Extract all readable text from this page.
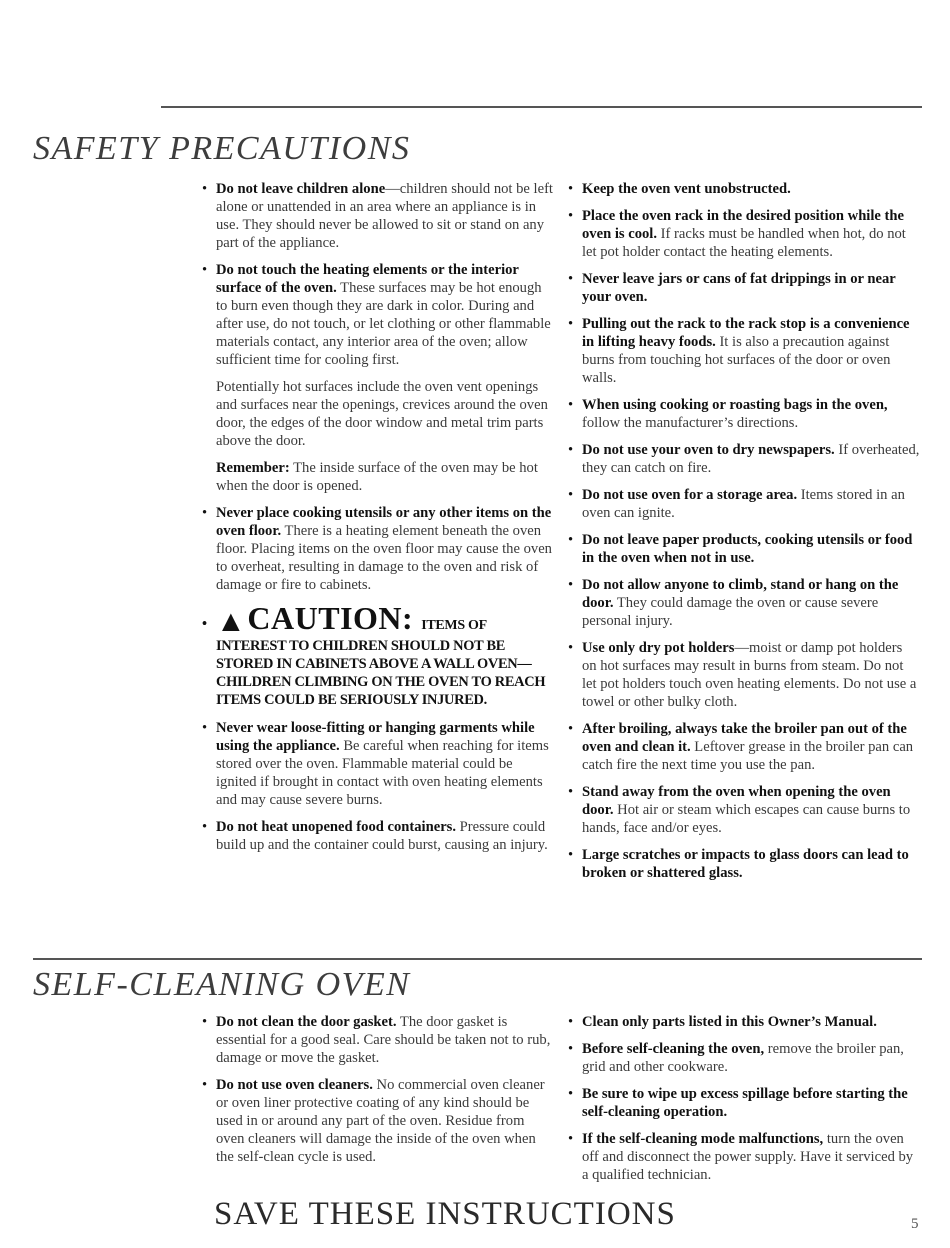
SAFETY PRECAUTIONS

• Do not leave children alone—children should not be left alone or unattended in an area where an appliance is in use. They should never be allowed to sit or stand on any part of the appliance.

• Do not touch the heating elements or the interior surface of the oven. These surfaces may be hot enough to burn even though they are dark in color. During and after use, do not touch, or let clothing or other flammable materials contact, any interior area of the oven; allow sufficient time for cooling first.

Potentially hot surfaces include the oven vent openings and surfaces near the openings, crevices around the oven door, the edges of the door window and metal trim parts above the door.

Remember: The inside surface of the oven may be hot when the door is opened.

• Never place cooking utensils or any other items on the oven floor. There is a heating element beneath the oven floor. Placing items on the oven floor may cause the oven to overheat, resulting in damage to the oven and risk of damage or fire to cabinets.

• ▲CAUTION: ITEMS OF
INTEREST TO CHILDREN SHOULD NOT BE STORED IN CABINETS ABOVE A WALL OVEN—CHILDREN CLIMBING ON THE OVEN TO REACH ITEMS COULD BE SERIOUSLY INJURED.

• Never wear loose-fitting or hanging garments while using the appliance. Be careful when reaching for items stored over the oven. Flammable material could be ignited if brought in contact with oven heating elements and may cause severe burns.

• Do not heat unopened food containers. Pressure could build up and the container could burst, causing an injury.

• Keep the oven vent unobstructed.

• Place the oven rack in the desired position while the oven is cool. If racks must be handled when hot, do not let pot holder contact the heating elements.

• Never leave jars or cans of fat drippings in or near your oven.

• Pulling out the rack to the rack stop is a convenience in lifting heavy foods. It is also a precaution against burns from touching hot surfaces of the door or oven walls.

• When using cooking or roasting bags in the oven, follow the manufacturer’s directions.

• Do not use your oven to dry newspapers. If overheated, they can catch on fire.

• Do not use oven for a storage area. Items stored in an oven can ignite.

• Do not leave paper products, cooking utensils or food in the oven when not in use.

• Do not allow anyone to climb, stand or hang on the door. They could damage the oven or cause severe personal injury.

• Use only dry pot holders—moist or damp pot holders on hot surfaces may result in burns from steam. Do not let pot holders touch oven heating elements. Do not use a towel or other bulky cloth.

• After broiling, always take the broiler pan out of the oven and clean it. Leftover grease in the broiler pan can catch fire the next time you use the pan.

• Stand away from the oven when opening the oven door. Hot air or steam which escapes can cause burns to hands, face and/or eyes.

• Large scratches or impacts to glass doors can lead to broken or shattered glass.

SELF-CLEANING OVEN

• Do not clean the door gasket. The door gasket is essential for a good seal. Care should be taken not to rub, damage or move the gasket.

• Do not use oven cleaners. No commercial oven cleaner or oven liner protective coating of any kind should be used in or around any part of the oven. Residue from oven cleaners will damage the inside of the oven when the self-clean cycle is used.

• Clean only parts listed in this Owner’s Manual.

• Before self-cleaning the oven, remove the broiler pan, grid and other cookware.

• Be sure to wipe up excess spillage before starting the self-cleaning operation.

• If the self-cleaning mode malfunctions, turn the oven off and disconnect the power supply. Have it serviced by a qualified technician.

SAVE THESE INSTRUCTIONS	5
